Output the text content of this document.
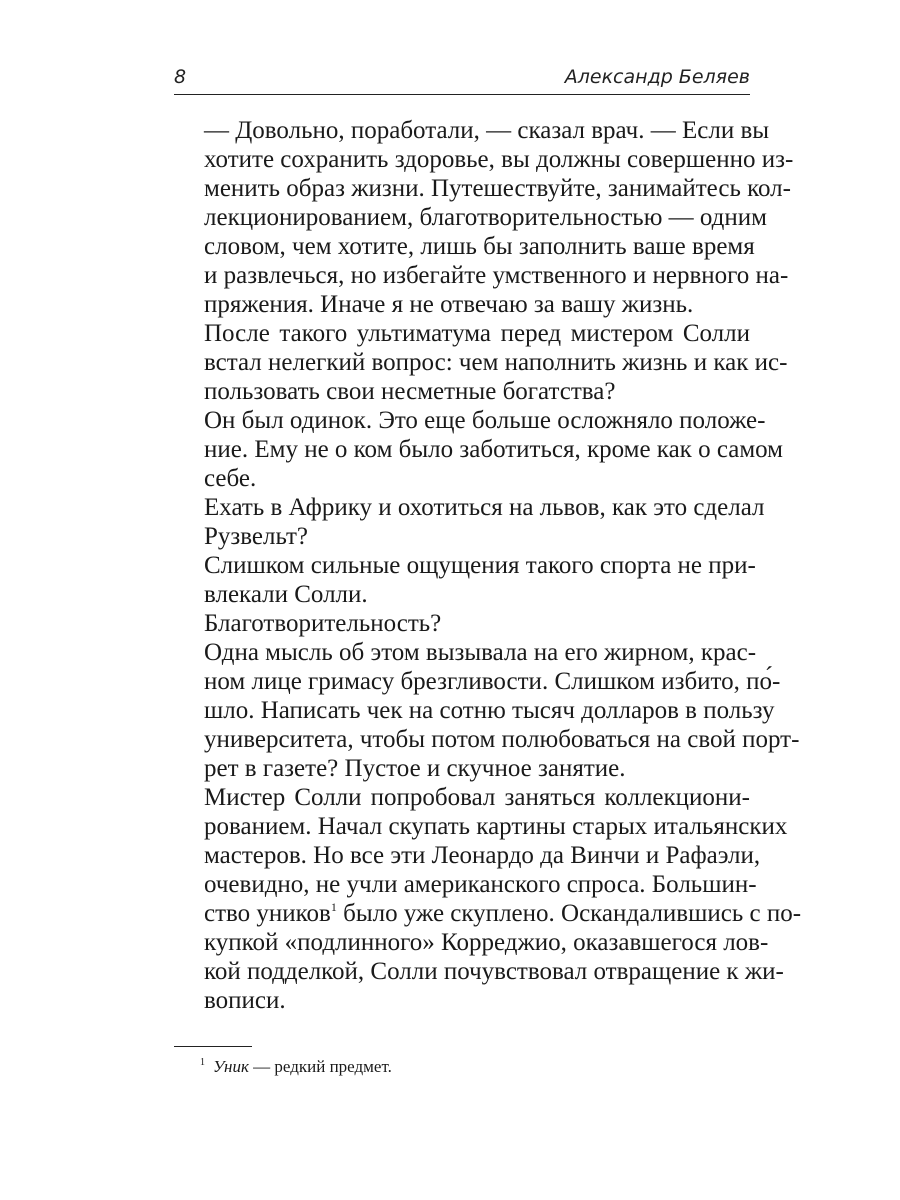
8	Александр Беляев

— Довольно, поработали, — сказал врач. — Если вы
хотите сохранить здоровье, вы должны совершенно из-
менить образ жизни. Путешествуйте, занимайтесь кол-
лекционированием, благотворительностью — одним
словом, чем хотите, лишь бы заполнить ваше время
и развлечься, но избегайте умственного и нервного на-
пряжения. Иначе я не отвечаю за вашу жизнь.

После такого ультиматума перед мистером Солли
встал нелегкий вопрос: чем наполнить жизнь и как ис-
пользовать свои несметные богатства?

Он был одинок. Это еще больше осложняло положе-
ние. Ему не о ком было заботиться, кроме как о самом
себе.

Ехать в Африку и охотиться на львов, как это сделал
Рузвельт?

Слишком сильные ощущения такого спорта не при-
влекали Солли.

Благотворительность?

Одна мысль об этом вызывала на его жирном, крас-
ном лице гримасу брезгливости. Слишком избито, по́-
шло. Написать чек на сотню тысяч долларов в пользу
университета, чтобы потом полюбоваться на свой порт-
рет в газете? Пустое и скучное занятие.

Мистер Солли попробовал заняться коллекциони-
рованием. Начал скупать картины старых итальянских
мастеров. Но все эти Леонардо да Винчи и Рафаэли,
очевидно, не учли американского спроса. Большин-
ство уников$^1$ было уже скуплено. Оскандалившись с по-
купкой «подлинного» Корреджио, оказавшегося лов-
кой подделкой, Солли почувствовал отвращение к жи-
вописи.

$^1$ Уник — редкий предмет.
